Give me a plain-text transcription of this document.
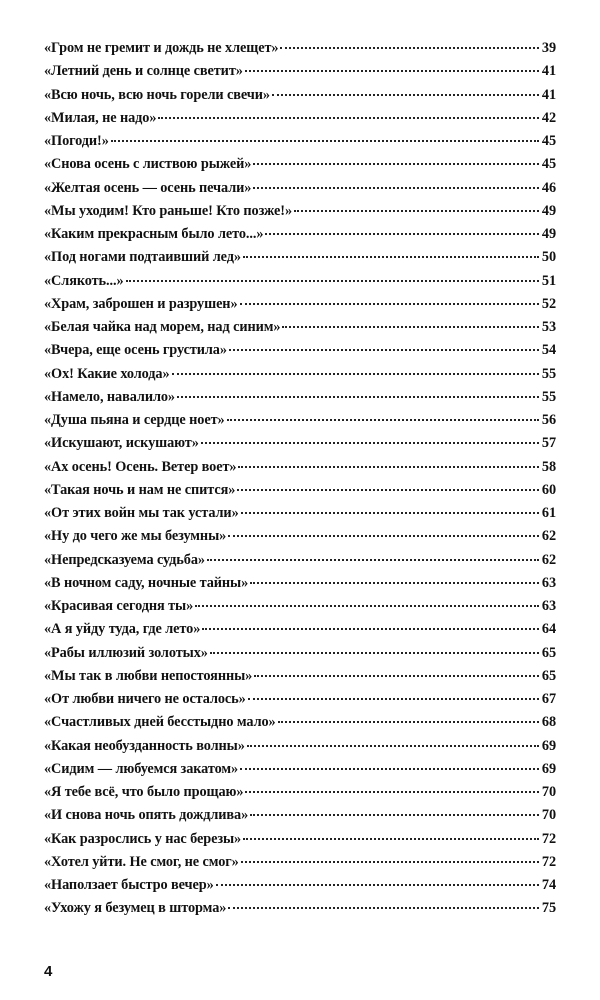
«Гром не гремит и дождь не хлещет»	39
«Летний день и солнце светит»	41
«Всю ночь, всю ночь горели свечи»	41
«Милая, не надо»	42
«Погоди!»	45
«Снова осень с листвою рыжей»	45
«Желтая осень — осень печали»	46
«Мы уходим! Кто раньше! Кто позже!»	49
«Каким прекрасным было лето...»	49
«Под ногами подтаивший лед»	50
«Слякоть...»	51
«Храм, заброшен и разрушен»	52
«Белая чайка над морем, над синим»	53
«Вчера, еще осень грустила»	54
«Ох! Какие холода»	55
«Намело, навалило»	55
«Душа пьяна и сердце ноет»	56
«Искушают, искушают»	57
«Ах осень! Осень. Ветер воет»	58
«Такая ночь и нам не спится»	60
«От этих войн мы так устали»	61
«Ну до чего же мы безумны»	62
«Непредсказуема судьба»	62
«В ночном саду, ночные тайны»	63
«Красивая сегодня ты»	63
«А я уйду туда, где лето»	64
«Рабы иллюзий золотых»	65
«Мы так в любви непостоянны»	65
«От любви ничего не осталось»	67
«Счастливых дней бесстыдно мало»	68
«Какая необузданность волны»	69
«Сидим — любуемся закатом»	69
«Я тебе всё, что было прощаю»	70
«И снова ночь опять дождлива»	70
«Как разрослись у нас березы»	72
«Хотел уйти. Не смог, не смог»	72
«Наползает быстро вечер»	74
«Ухожу я безумец в шторма»	75
4
